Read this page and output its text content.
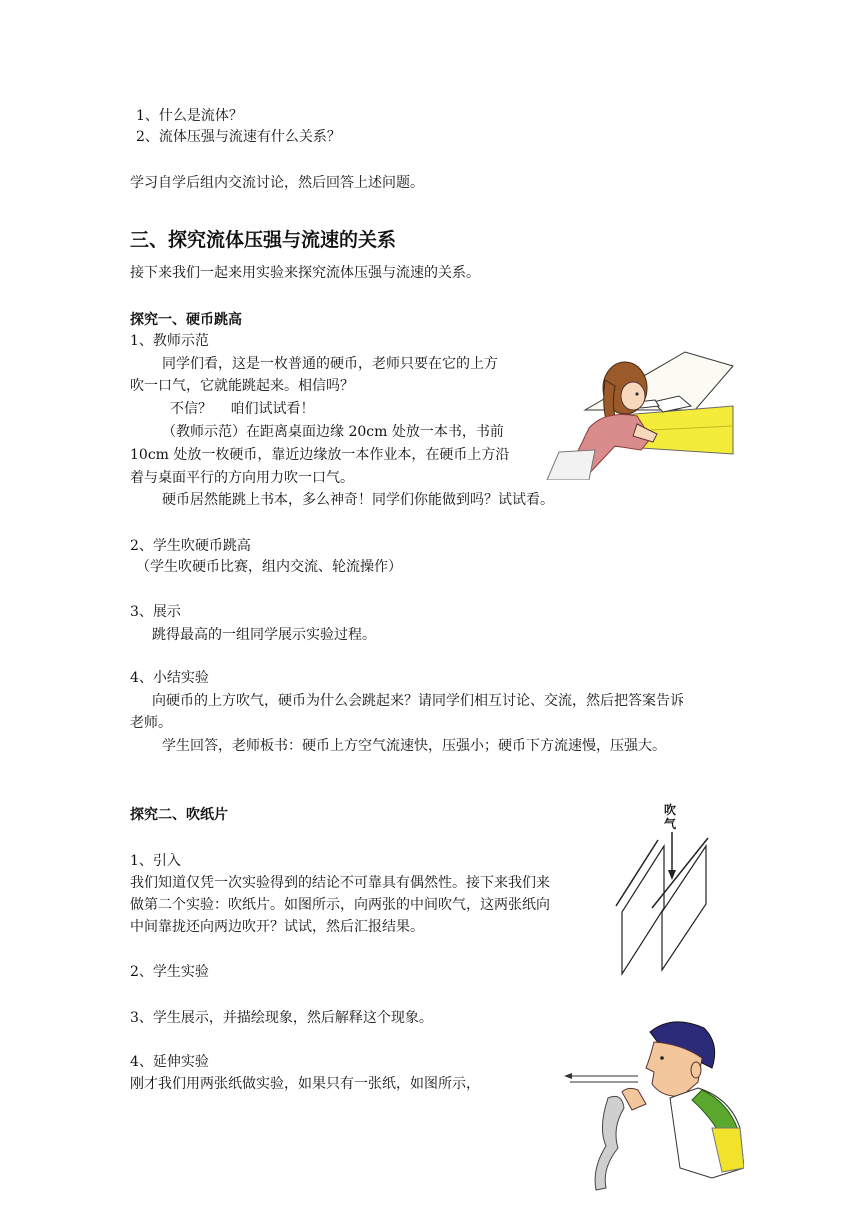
1、什么是流体？
2、流体压强与流速有什么关系？
学习自学后组内交流讨论，然后回答上述问题。
三、探究流体压强与流速的关系
接下来我们一起来用实验来探究流体压强与流速的关系。
探究一、硬币跳高
1、教师示范
同学们看，这是一枚普通的硬币，老师只要在它的上方
吹一口气，它就能跳起来。相信吗？
不信？　 咱们试试看！
（教师示范）在距离桌面边缘 20cm 处放一本书，书前
10cm 处放一枚硬币，靠近边缘放一本作业本，在硬币上方沿
着与桌面平行的方向用力吹一口气。
硬币居然能跳上书本，多么神奇！同学们你能做到吗？试试看。
2、学生吹硬币跳高
（学生吹硬币比赛，组内交流、轮流操作）
3、展示
跳得最高的一组同学展示实验过程。
4、小结实验
向硬币的上方吹气，硬币为什么会跳起来？请同学们相互讨论、交流，然后把答案告诉
老师。
学生回答，老师板书：硬币上方空气流速快，压强小；硬币下方流速慢，压强大。
探究二、吹纸片
1、引入
我们知道仅凭一次实验得到的结论不可靠具有偶然性。接下来我们来
做第二个实验：吹纸片。如图所示，向两张的中间吹气，这两张纸向
中间靠拢还向两边吹开？试试，然后汇报结果。
吹气
2、学生实验
3、学生展示，并描绘现象，然后解释这个现象。
4、延伸实验
刚才我们用两张纸做实验，如果只有一张纸，如图所示，
